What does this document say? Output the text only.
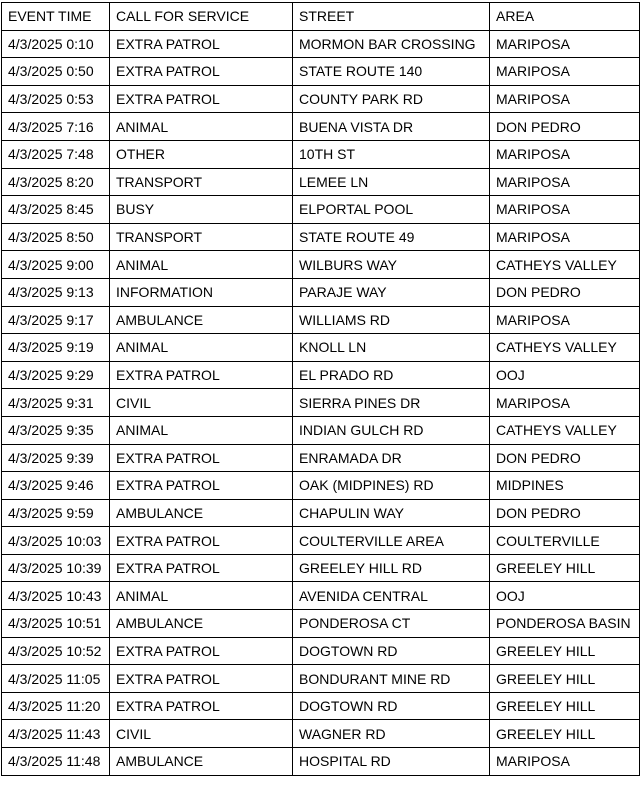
EVENT TIME	CALL FOR SERVICE	STREET	AREA
4/3/2025 0:10	EXTRA PATROL	MORMON BAR CROSSING	MARIPOSA
4/3/2025 0:50	EXTRA PATROL	STATE ROUTE 140	MARIPOSA
4/3/2025 0:53	EXTRA PATROL	COUNTY PARK RD	MARIPOSA
4/3/2025 7:16	ANIMAL	BUENA VISTA DR	DON PEDRO
4/3/2025 7:48	OTHER	10TH ST	MARIPOSA
4/3/2025 8:20	TRANSPORT	LEMEE LN	MARIPOSA
4/3/2025 8:45	BUSY	ELPORTAL POOL	MARIPOSA
4/3/2025 8:50	TRANSPORT	STATE ROUTE 49	MARIPOSA
4/3/2025 9:00	ANIMAL	WILBURS WAY	CATHEYS VALLEY
4/3/2025 9:13	INFORMATION	PARAJE WAY	DON PEDRO
4/3/2025 9:17	AMBULANCE	WILLIAMS RD	MARIPOSA
4/3/2025 9:19	ANIMAL	KNOLL LN	CATHEYS VALLEY
4/3/2025 9:29	EXTRA PATROL	EL PRADO RD	OOJ
4/3/2025 9:31	CIVIL	SIERRA PINES DR	MARIPOSA
4/3/2025 9:35	ANIMAL	INDIAN GULCH RD	CATHEYS VALLEY
4/3/2025 9:39	EXTRA PATROL	ENRAMADA DR	DON PEDRO
4/3/2025 9:46	EXTRA PATROL	OAK (MIDPINES) RD	MIDPINES
4/3/2025 9:59	AMBULANCE	CHAPULIN WAY	DON PEDRO
4/3/2025 10:03	EXTRA PATROL	COULTERVILLE AREA	COULTERVILLE
4/3/2025 10:39	EXTRA PATROL	GREELEY HILL RD	GREELEY HILL
4/3/2025 10:43	ANIMAL	AVENIDA CENTRAL	OOJ
4/3/2025 10:51	AMBULANCE	PONDEROSA CT	PONDEROSA BASIN
4/3/2025 10:52	EXTRA PATROL	DOGTOWN RD	GREELEY HILL
4/3/2025 11:05	EXTRA PATROL	BONDURANT MINE RD	GREELEY HILL
4/3/2025 11:20	EXTRA PATROL	DOGTOWN RD	GREELEY HILL
4/3/2025 11:43	CIVIL	WAGNER RD	GREELEY HILL
4/3/2025 11:48	AMBULANCE	HOSPITAL RD	MARIPOSA
